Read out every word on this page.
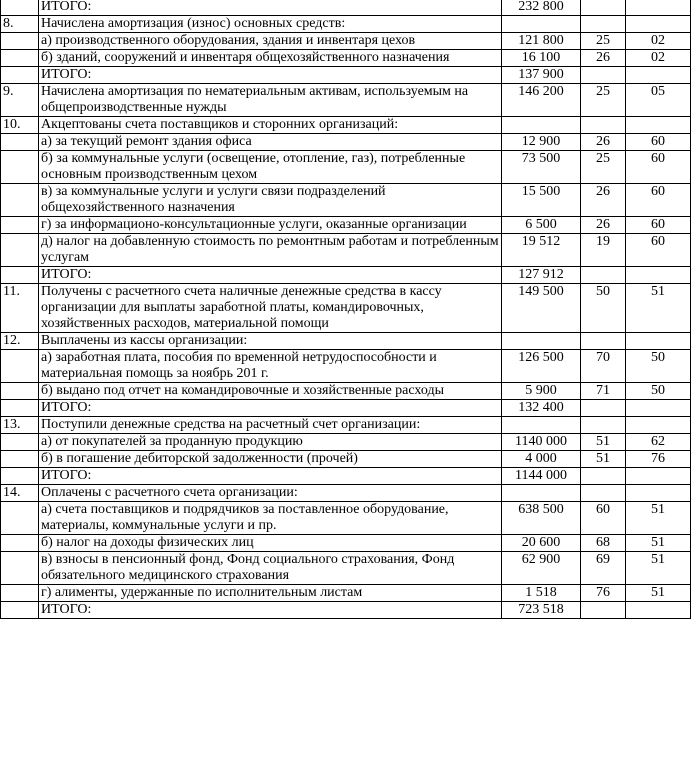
	ИТОГО:	232 800		
8.	Начислена амортизация (износ) основных средств:			
	а) производственного оборудования, здания и инвентаря цехов	121 800	25	02
	б) зданий, сооружений и инвентаря общехозяйственного назначения	16 100	26	02
	ИТОГО:	137 900		
9.	Начислена амортизация по нематериальным активам, используемым на общепроизводственные нужды	146 200	25	05
10.	Акцептованы счета поставщиков и сторонних организаций:			
	а) за текущий ремонт здания офиса	12 900	26	60
	б) за коммунальные услуги (освещение, отопление, газ), потребленные основным производственным цехом	73 500	25	60
	в) за коммунальные услуги и услуги связи подразделений общехозяйственного назначения	15 500	26	60
	г) за информационо-консультационные услуги, оказанные организации	6 500	26	60
	д) налог на добавленную стоимость по ремонтным работам и потребленным услугам	19 512	19	60
	ИТОГО:	127 912		
11.	Получены с расчетного счета наличные денежные средства в кассу организации для выплаты заработной платы, командировочных, хозяйственных расходов, материальной помощи	149 500	50	51
12.	Выплачены из кассы организации:			
	а) заработная плата, пособия по временной нетрудоспособности и материальная помощь за ноябрь 201 г.	126 500	70	50
	б) выдано под отчет на командировочные и хозяйственные расходы	5 900	71	50
	ИТОГО:	132 400		
13.	Поступили денежные средства на расчетный счет организации:			
	а) от покупателей за проданную продукцию	1140 000	51	62
	б) в погашение дебиторской задолженности (прочей)	4 000	51	76
	ИТОГО:	1144 000		
14.	Оплачены с расчетного счета организации:			
	а) счета поставщиков и подрядчиков за поставленное оборудование, материалы, коммунальные услуги и пр.	638 500	60	51
	б) налог на доходы физических лиц	20 600	68	51
	в) взносы в пенсионный фонд, Фонд социального страхования, Фонд обязательного медицинского страхования	62 900	69	51
	г) алименты, удержанные по исполнительным листам	1 518	76	51
	ИТОГО:	723 518		
